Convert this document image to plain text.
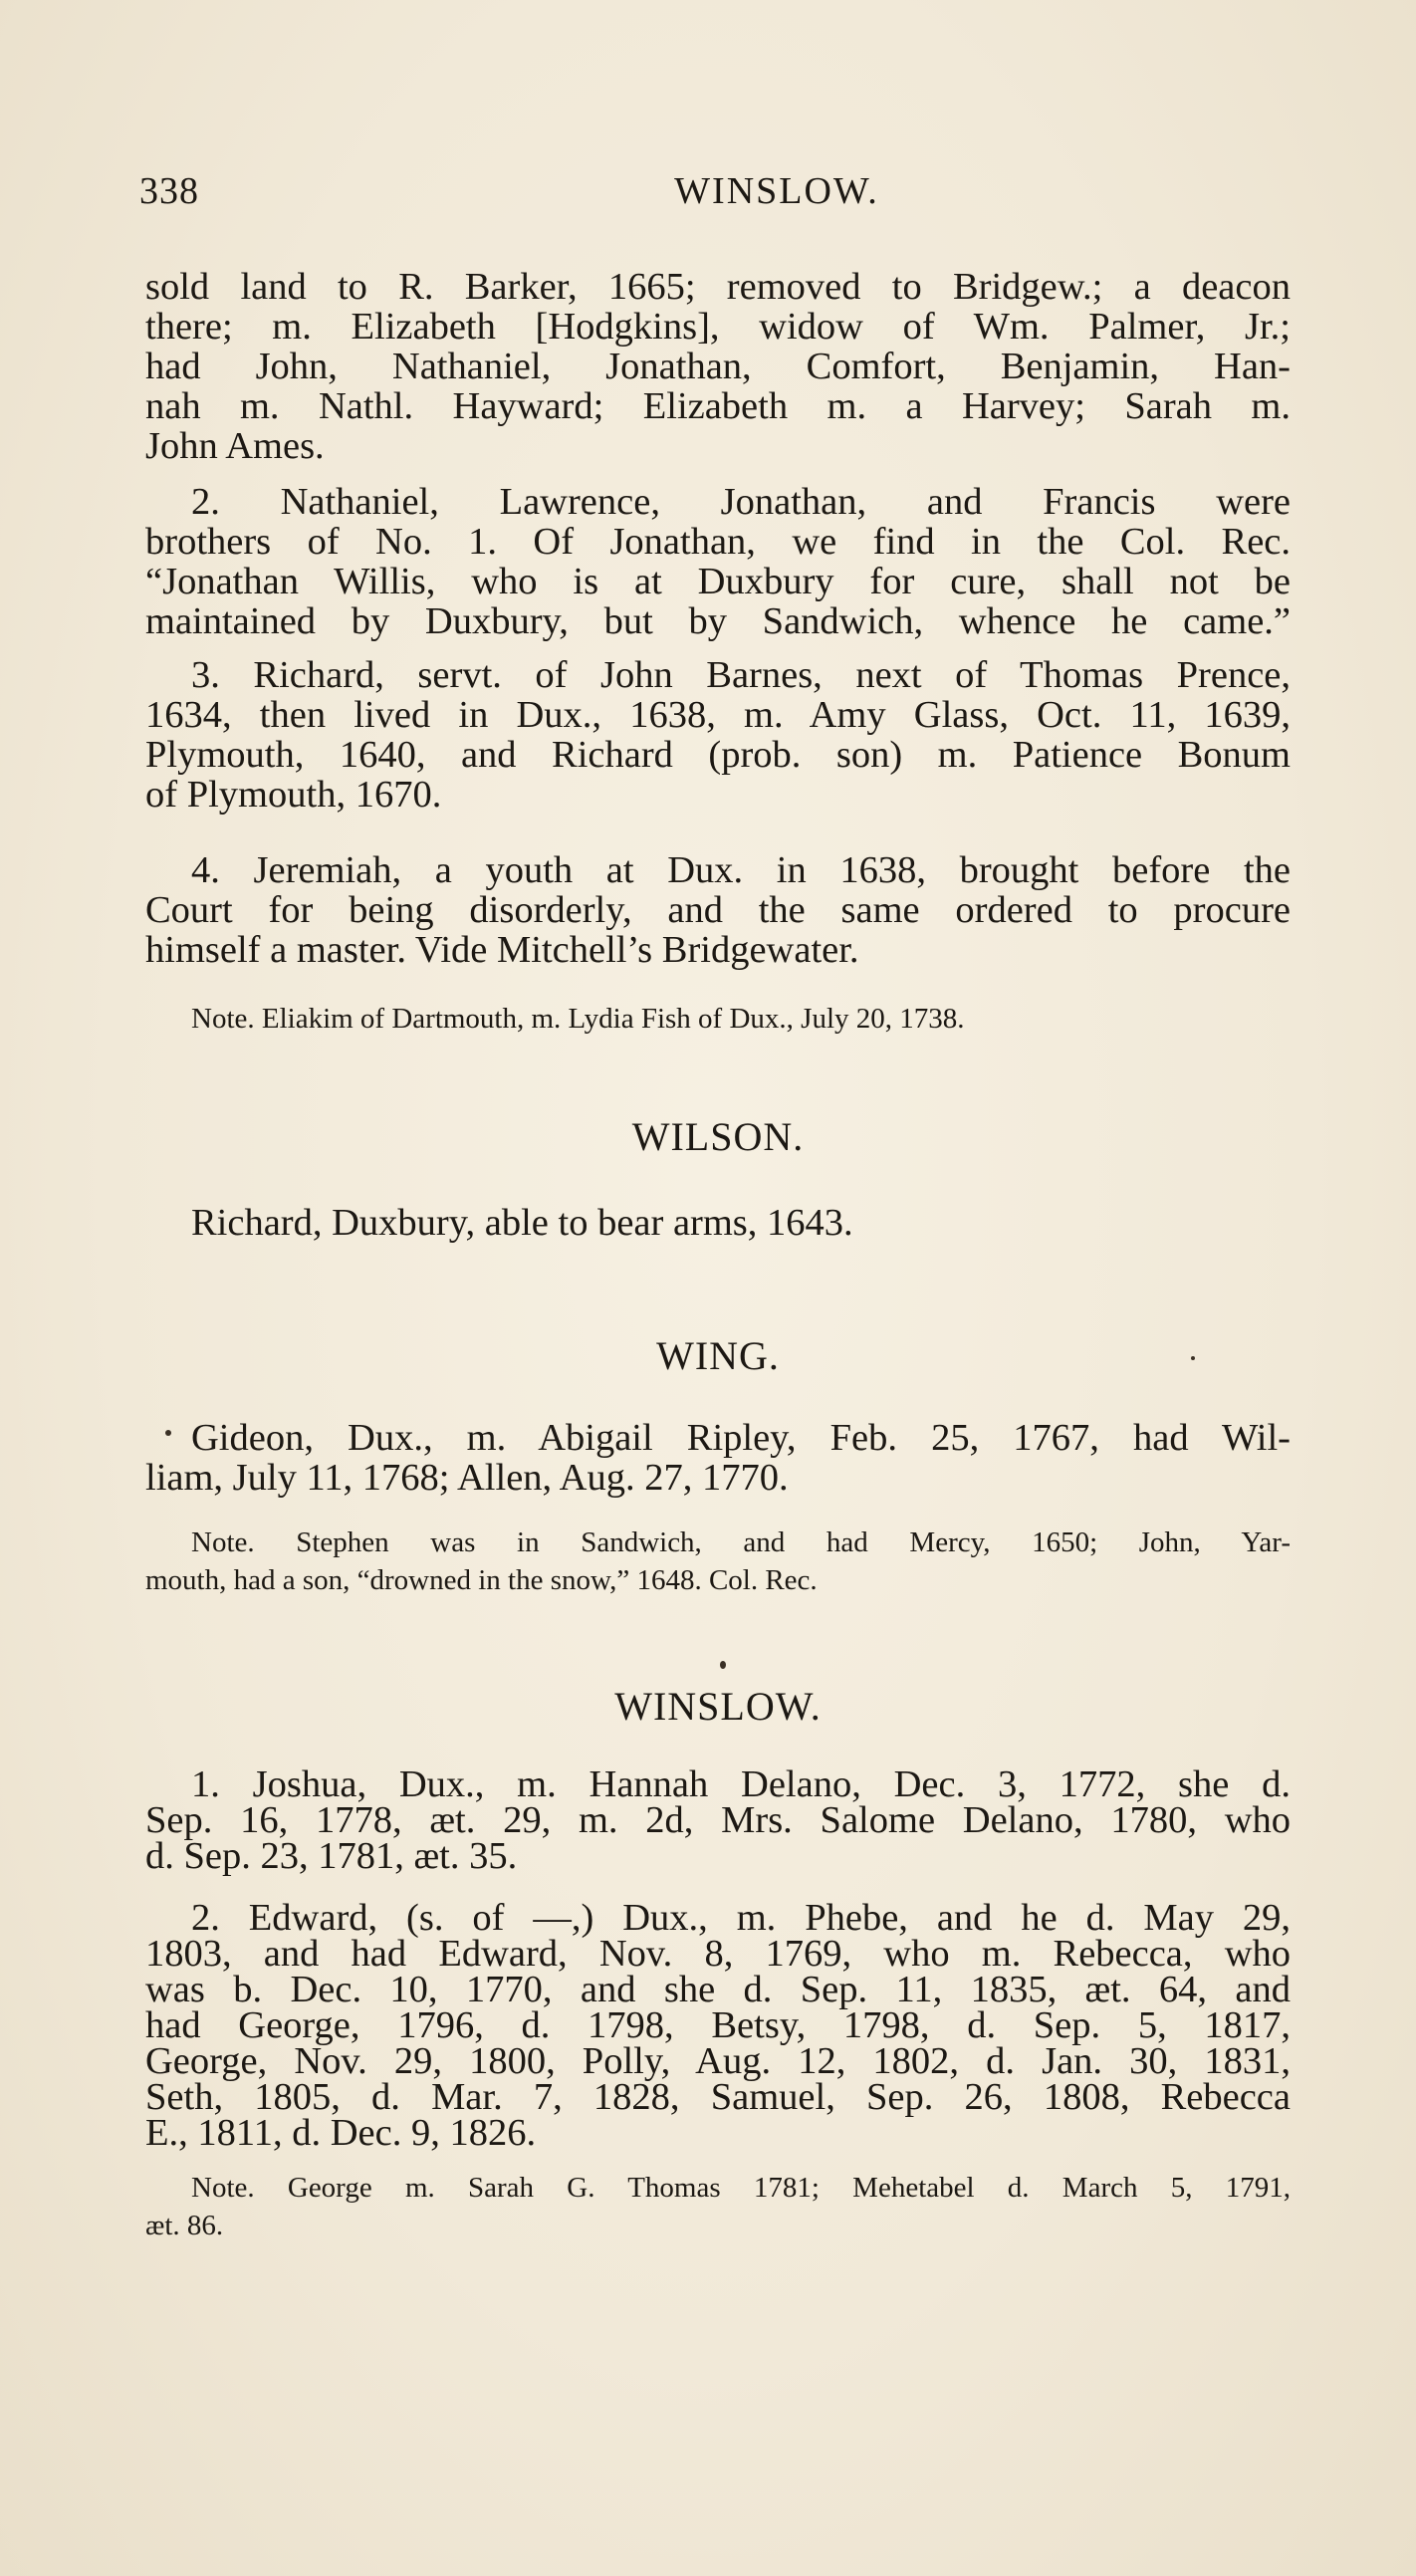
338	WINSLOW.

sold land to R. Barker, 1665; removed to Bridgew.; a deacon
there; m. Elizabeth [Hodgkins], widow of Wm. Palmer, Jr.;
had John, Nathaniel, Jonathan, Comfort, Benjamin, Han-
nah m. Nathl. Hayward; Elizabeth m. a Harvey; Sarah m.
John Ames.

2. Nathaniel, Lawrence, Jonathan, and Francis were
brothers of No. 1. Of Jonathan, we find in the Col. Rec.
“Jonathan Willis, who is at Duxbury for cure, shall not be
maintained by Duxbury, but by Sandwich, whence he came.”

3. Richard, servt. of John Barnes, next of Thomas Prence,
1634, then lived in Dux., 1638, m. Amy Glass, Oct. 11, 1639,
Plymouth, 1640, and Richard (prob. son) m. Patience Bonum
of Plymouth, 1670.

4. Jeremiah, a youth at Dux. in 1638, brought before the
Court for being disorderly, and the same ordered to procure
himself a master. Vide Mitchell’s Bridgewater.

Note. Eliakim of Dartmouth, m. Lydia Fish of Dux., July 20, 1738.
WILSON.

Richard, Duxbury, able to bear arms, 1643.

WING.

Gideon, Dux., m. Abigail Ripley, Feb. 25, 1767, had Wil-
liam, July 11, 1768; Allen, Aug. 27, 1770.

Note. Stephen was in Sandwich, and had Mercy, 1650; John, Yar-
mouth, had a son, “drowned in the snow,” 1648. Col. Rec.

WINSLOW.

1. Joshua, Dux., m. Hannah Delano, Dec. 3, 1772, she d.
Sep. 16, 1778, æt. 29, m. 2d, Mrs. Salome Delano, 1780, who
d. Sep. 23, 1781, æt. 35.

2. Edward, (s. of —,) Dux., m. Phebe, and he d. May 29,
1803, and had Edward, Nov. 8, 1769, who m. Rebecca, who
was b. Dec. 10, 1770, and she d. Sep. 11, 1835, æt. 64, and
had George, 1796, d. 1798, Betsy, 1798, d. Sep. 5, 1817,
George, Nov. 29, 1800, Polly, Aug. 12, 1802, d. Jan. 30, 1831,
Seth, 1805, d. Mar. 7, 1828, Samuel, Sep. 26, 1808, Rebecca
E., 1811, d. Dec. 9, 1826.

Note. George m. Sarah G. Thomas 1781; Mehetabel d. March 5, 1791,
æt. 86.
